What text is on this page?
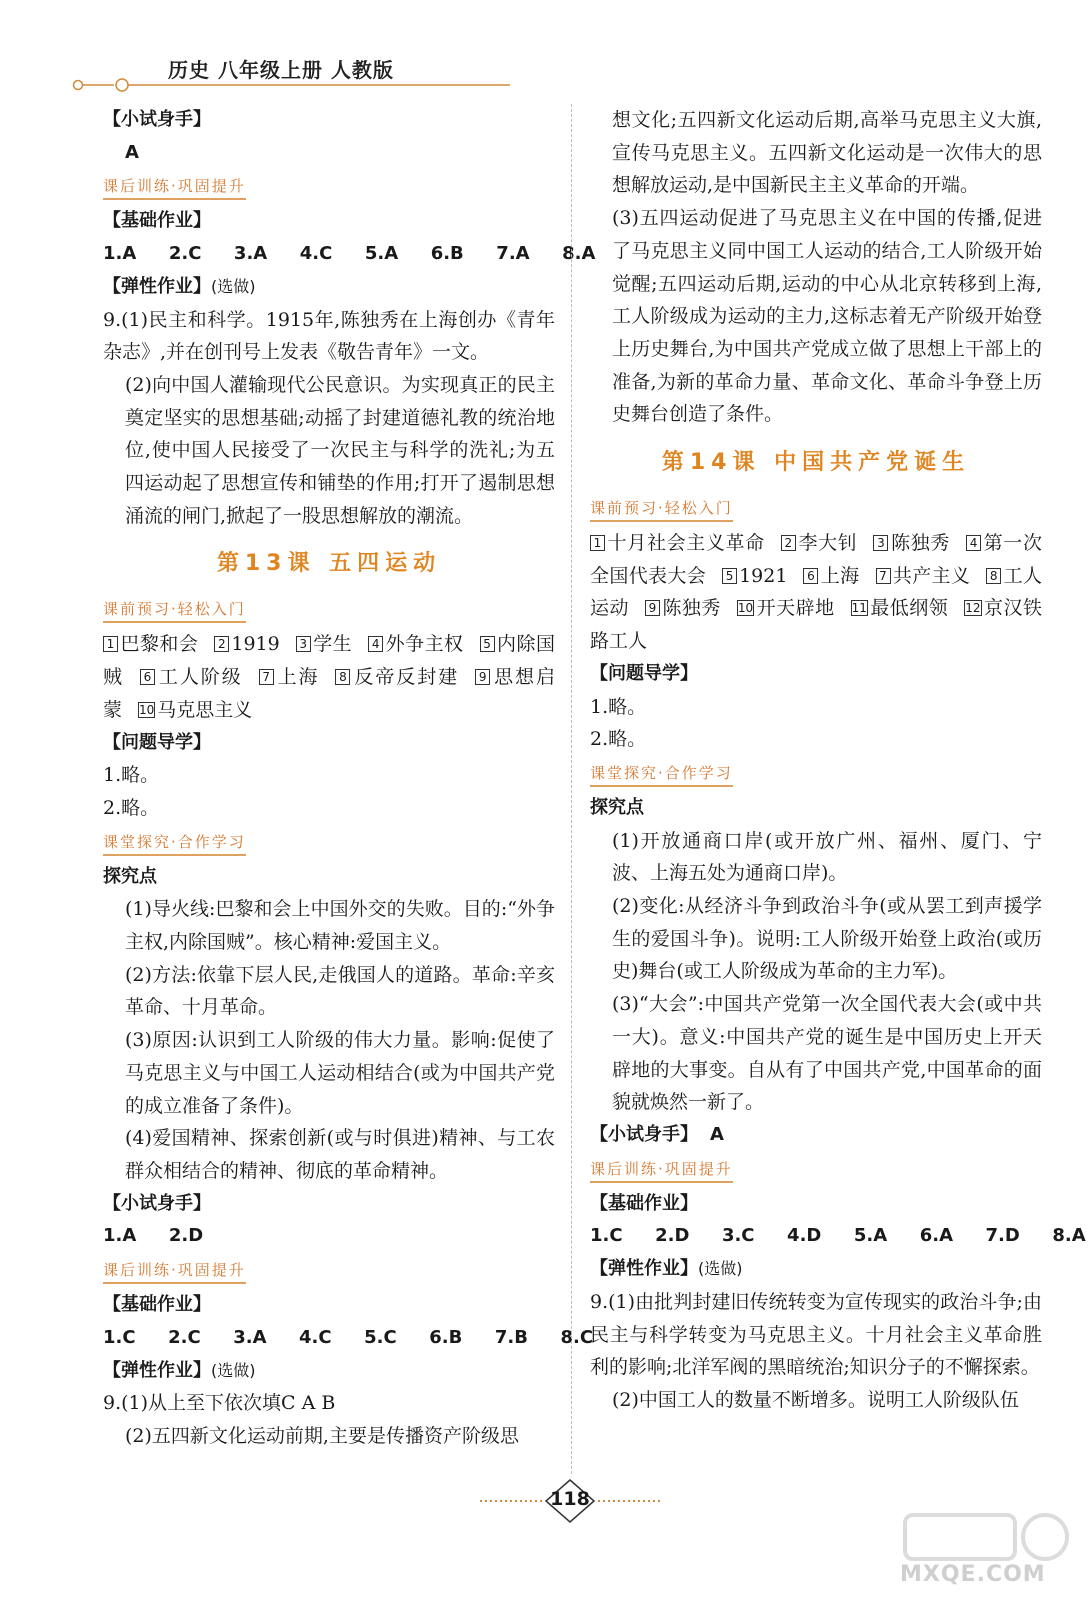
历史 八年级上册 人教版
【小试身手】
A
课后训练·巩固提升
【基础作业】
1.A  2.C  3.A  4.C  5.A  6.B  7.A  8.A
【弹性作业】(选做)
9.(1)民主和科学。1915年,陈独秀在上海创办《青年杂志》,并在创刊号上发表《敬告青年》一文。
(2)向中国人灌输现代公民意识。为实现真正的民主奠定坚实的思想基础;动摇了封建道德礼教的统治地位,使中国人民接受了一次民主与科学的洗礼;为五四运动起了思想宣传和铺垫的作用;打开了遏制思想涌流的闸门,掀起了一股思想解放的潮流。
第13课 五四运动
课前预习·轻松入门
1 巴黎和会 2 1919 3 学生 4 外争主权 5 内除国贼 6 工人阶级 7 上海 8 反帝反封建 9 思想启蒙 10 马克思主义
【问题导学】
1.略。
2.略。
课堂探究·合作学习
探究点
(1)导火线:巴黎和会上中国外交的失败。目的:“外争主权,内除国贼”。核心精神:爱国主义。
(2)方法:依靠下层人民,走俄国人的道路。革命:辛亥革命、十月革命。
(3)原因:认识到工人阶级的伟大力量。影响:促使了马克思主义与中国工人运动相结合(或为中国共产党的成立准备了条件)。
(4)爱国精神、探索创新(或与时俱进)精神、与工农群众相结合的精神、彻底的革命精神。
【小试身手】
1.A  2.D
课后训练·巩固提升
【基础作业】
1.C  2.C  3.A  4.C  5.C  6.B  7.B  8.C
【弹性作业】(选做)
9.(1)从上至下依次填C A B
(2)五四新文化运动前期,主要是传播资产阶级思
想文化;五四新文化运动后期,高举马克思主义大旗,宣传马克思主义。五四新文化运动是一次伟大的思想解放运动,是中国新民主主义革命的开端。
(3)五四运动促进了马克思主义在中国的传播,促进了马克思主义同中国工人运动的结合,工人阶级开始觉醒;五四运动后期,运动的中心从北京转移到上海,工人阶级成为运动的主力,这标志着无产阶级开始登上历史舞台,为中国共产党成立做了思想上干部上的准备,为新的革命力量、革命文化、革命斗争登上历史舞台创造了条件。
第14课 中国共产党诞生
课前预习·轻松入门
1 十月社会主义革命 2 李大钊 3 陈独秀 4 第一次全国代表大会 5 1921 6 上海 7 共产主义 8 工人运动 9 陈独秀 10 开天辟地 11 最低纲领 12 京汉铁路工人
【问题导学】
1.略。
2.略。
课堂探究·合作学习
探究点
(1)开放通商口岸(或开放广州、福州、厦门、宁波、上海五处为通商口岸)。
(2)变化:从经济斗争到政治斗争(或从罢工到声援学生的爱国斗争)。说明:工人阶级开始登上政治(或历史)舞台(或工人阶级成为革命的主力军)。
(3)“大会”:中国共产党第一次全国代表大会(或中共一大)。意义:中国共产党的诞生是中国历史上开天辟地的大事变。自从有了中国共产党,中国革命的面貌就焕然一新了。
【小试身手】 A
课后训练·巩固提升
【基础作业】
1.C  2.D  3.C  4.D  5.A  6.A  7.D  8.A
【弹性作业】(选做)
9.(1)由批判封建旧传统转变为宣传现实的政治斗争;由民主与科学转变为马克思主义。十月社会主义革命胜利的影响;北洋军阀的黑暗统治;知识分子的不懈探索。
(2)中国工人的数量不断增多。说明工人阶级队伍
118
MXQE.COM
